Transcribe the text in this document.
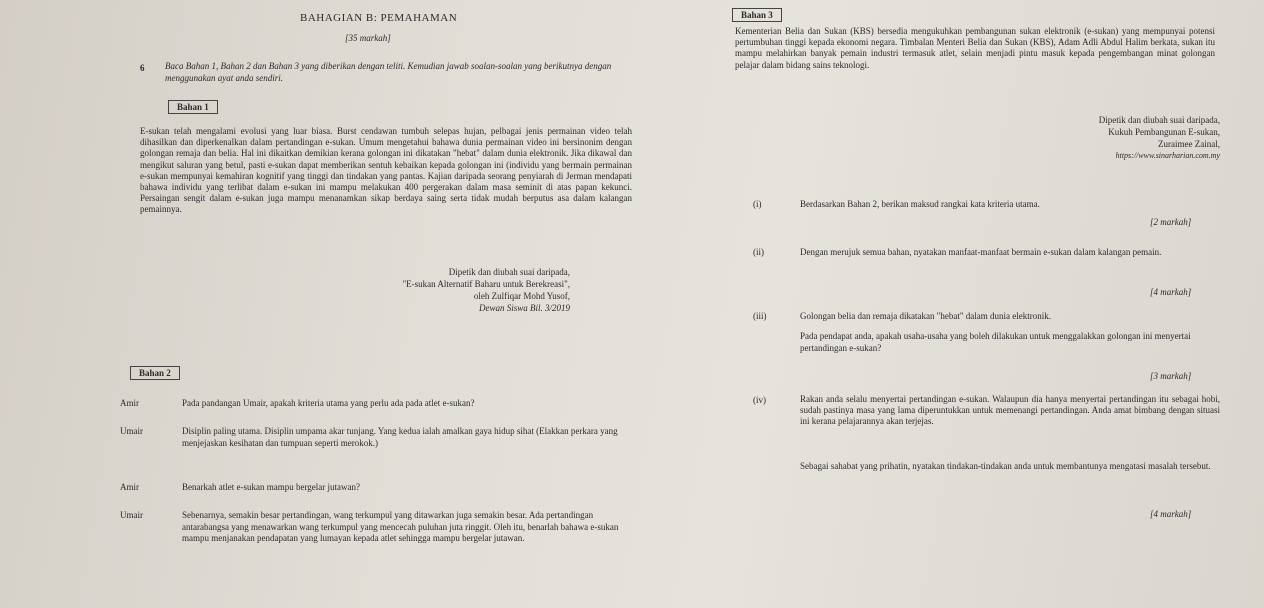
BAHAGIAN B: PEMAHAMAN
[35 markah]
6 Baca Bahan 1, Bahan 2 dan Bahan 3 yang diberikan dengan teliti. Kemudian jawab soalan-soalan yang berikutnya dengan menggunakan ayat anda sendiri.
Bahan 1
E-sukan telah mengalami evolusi yang luar biasa. Burst cendawan tumbuh selepas hujan, pelbagai jenis permainan video telah dihasilkan dan diperkenalkan dalam pertandingan e-sukan. Umum mengetahui bahawa dunia permainan video ini bersinonim dengan golongan remaja dan belia. Hal ini dikaitkan demikian kerana golongan ini dikatakan "hebat" dalam dunia elektronik. Jika dikawal dan mengikut saluran yang betul, pasti e-sukan dapat memberikan sentuh kebaikan kepada golongan ini (individu yang bermain permainan e-sukan mempunyai kemahiran kognitif yang tinggi dan tindakan yang pantas. Kajian daripada seorang penyiarah di Jerman mendapati bahawa individu yang terlibat dalam e-sukan ini mampu melakukan 400 pergerakan dalam masa seminit di atas papan kekunci. Persaingan sengit dalam e-sukan juga mampu menanamkan sikap berdaya saing serta tidak mudah berputus asa dalam kalangan pemainnya.
Dipetik dan diubah suai daripada,
"E-sukan Alternatif Baharu untuk Berekreasi",
oleh Zulfiqar Mohd Yusof,
Dewan Siswa Bil. 3/2019
Bahan 2
Amir	Pada pandangan Umair, apakah kriteria utama yang perlu ada pada atlet e-sukan?
Umair	Disiplin paling utama. Disiplin umpama akar tunjang. Yang kedua ialah amalkan gaya hidup sihat (Elakkan perkara yang menjejaskan kesihatan dan tumpuan seperti merokok.)
Amir	Benarkah atlet e-sukan mampu bergelar jutawan?
Umair	Sebenarnya, semakin besar pertandingan, wang terkumpul yang ditawarkan juga semakin besar. Ada pertandingan antarabangsa yang menawarkan wang terkumpul yang mencecah puluhan juta ringgit. Oleh itu, benarlah bahawa e-sukan mampu menjanakan pendapatan yang lumayan kepada atlet sehingga mampu bergelar jutawan.
Bahan 3
Kementerian Belia dan Sukan (KBS) bersedia mengukuhkan pembangunan sukan elektronik (e-sukan) yang mempunyai potensi pertumbuhan tinggi kepada ekonomi negara. Timbalan Menteri Belia dan Sukan (KBS), Adam Adli Abdul Halim berkata, sukan itu mampu melahirkan banyak pemain industri termasuk atlet, selain menjadi pintu masuk kepada pengembangan minat golongan pelajar dalam bidang sains teknologi.
Dipetik dan diubah suai daripada,
Kukuh Pembangunan E-sukan,
Zuraimee Zainal,
https://www.sinarharian.com.my
(i)	Berdasarkan Bahan 2, berikan maksud rangkai kata kriteria utama.
[2 markah]
(ii)	Dengan merujuk semua bahan, nyatakan manfaat-manfaat bermain e-sukan dalam kalangan pemain.
[4 markah]
(iii)	Golongan belia dan remaja dikatakan "hebat" dalam dunia elektronik.
Pada pendapat anda, apakah usaha-usaha yang boleh dilakukan untuk menggalakkan golongan ini menyertai pertandingan e-sukan?
[3 markah]
(iv)	Rakan anda selalu menyertai pertandingan e-sukan. Walaupun dia hanya menyertai pertandingan itu sebagai hobi, sudah pastinya masa yang lama diperuntukkan untuk memenangi pertandingan. Anda amat bimbang dengan situasi ini kerana pelajarannya akan terjejas.
Sebagai sahabat yang prihatin, nyatakan tindakan-tindakan anda untuk membantunya mengatasi masalah tersebut.
[4 markah]
